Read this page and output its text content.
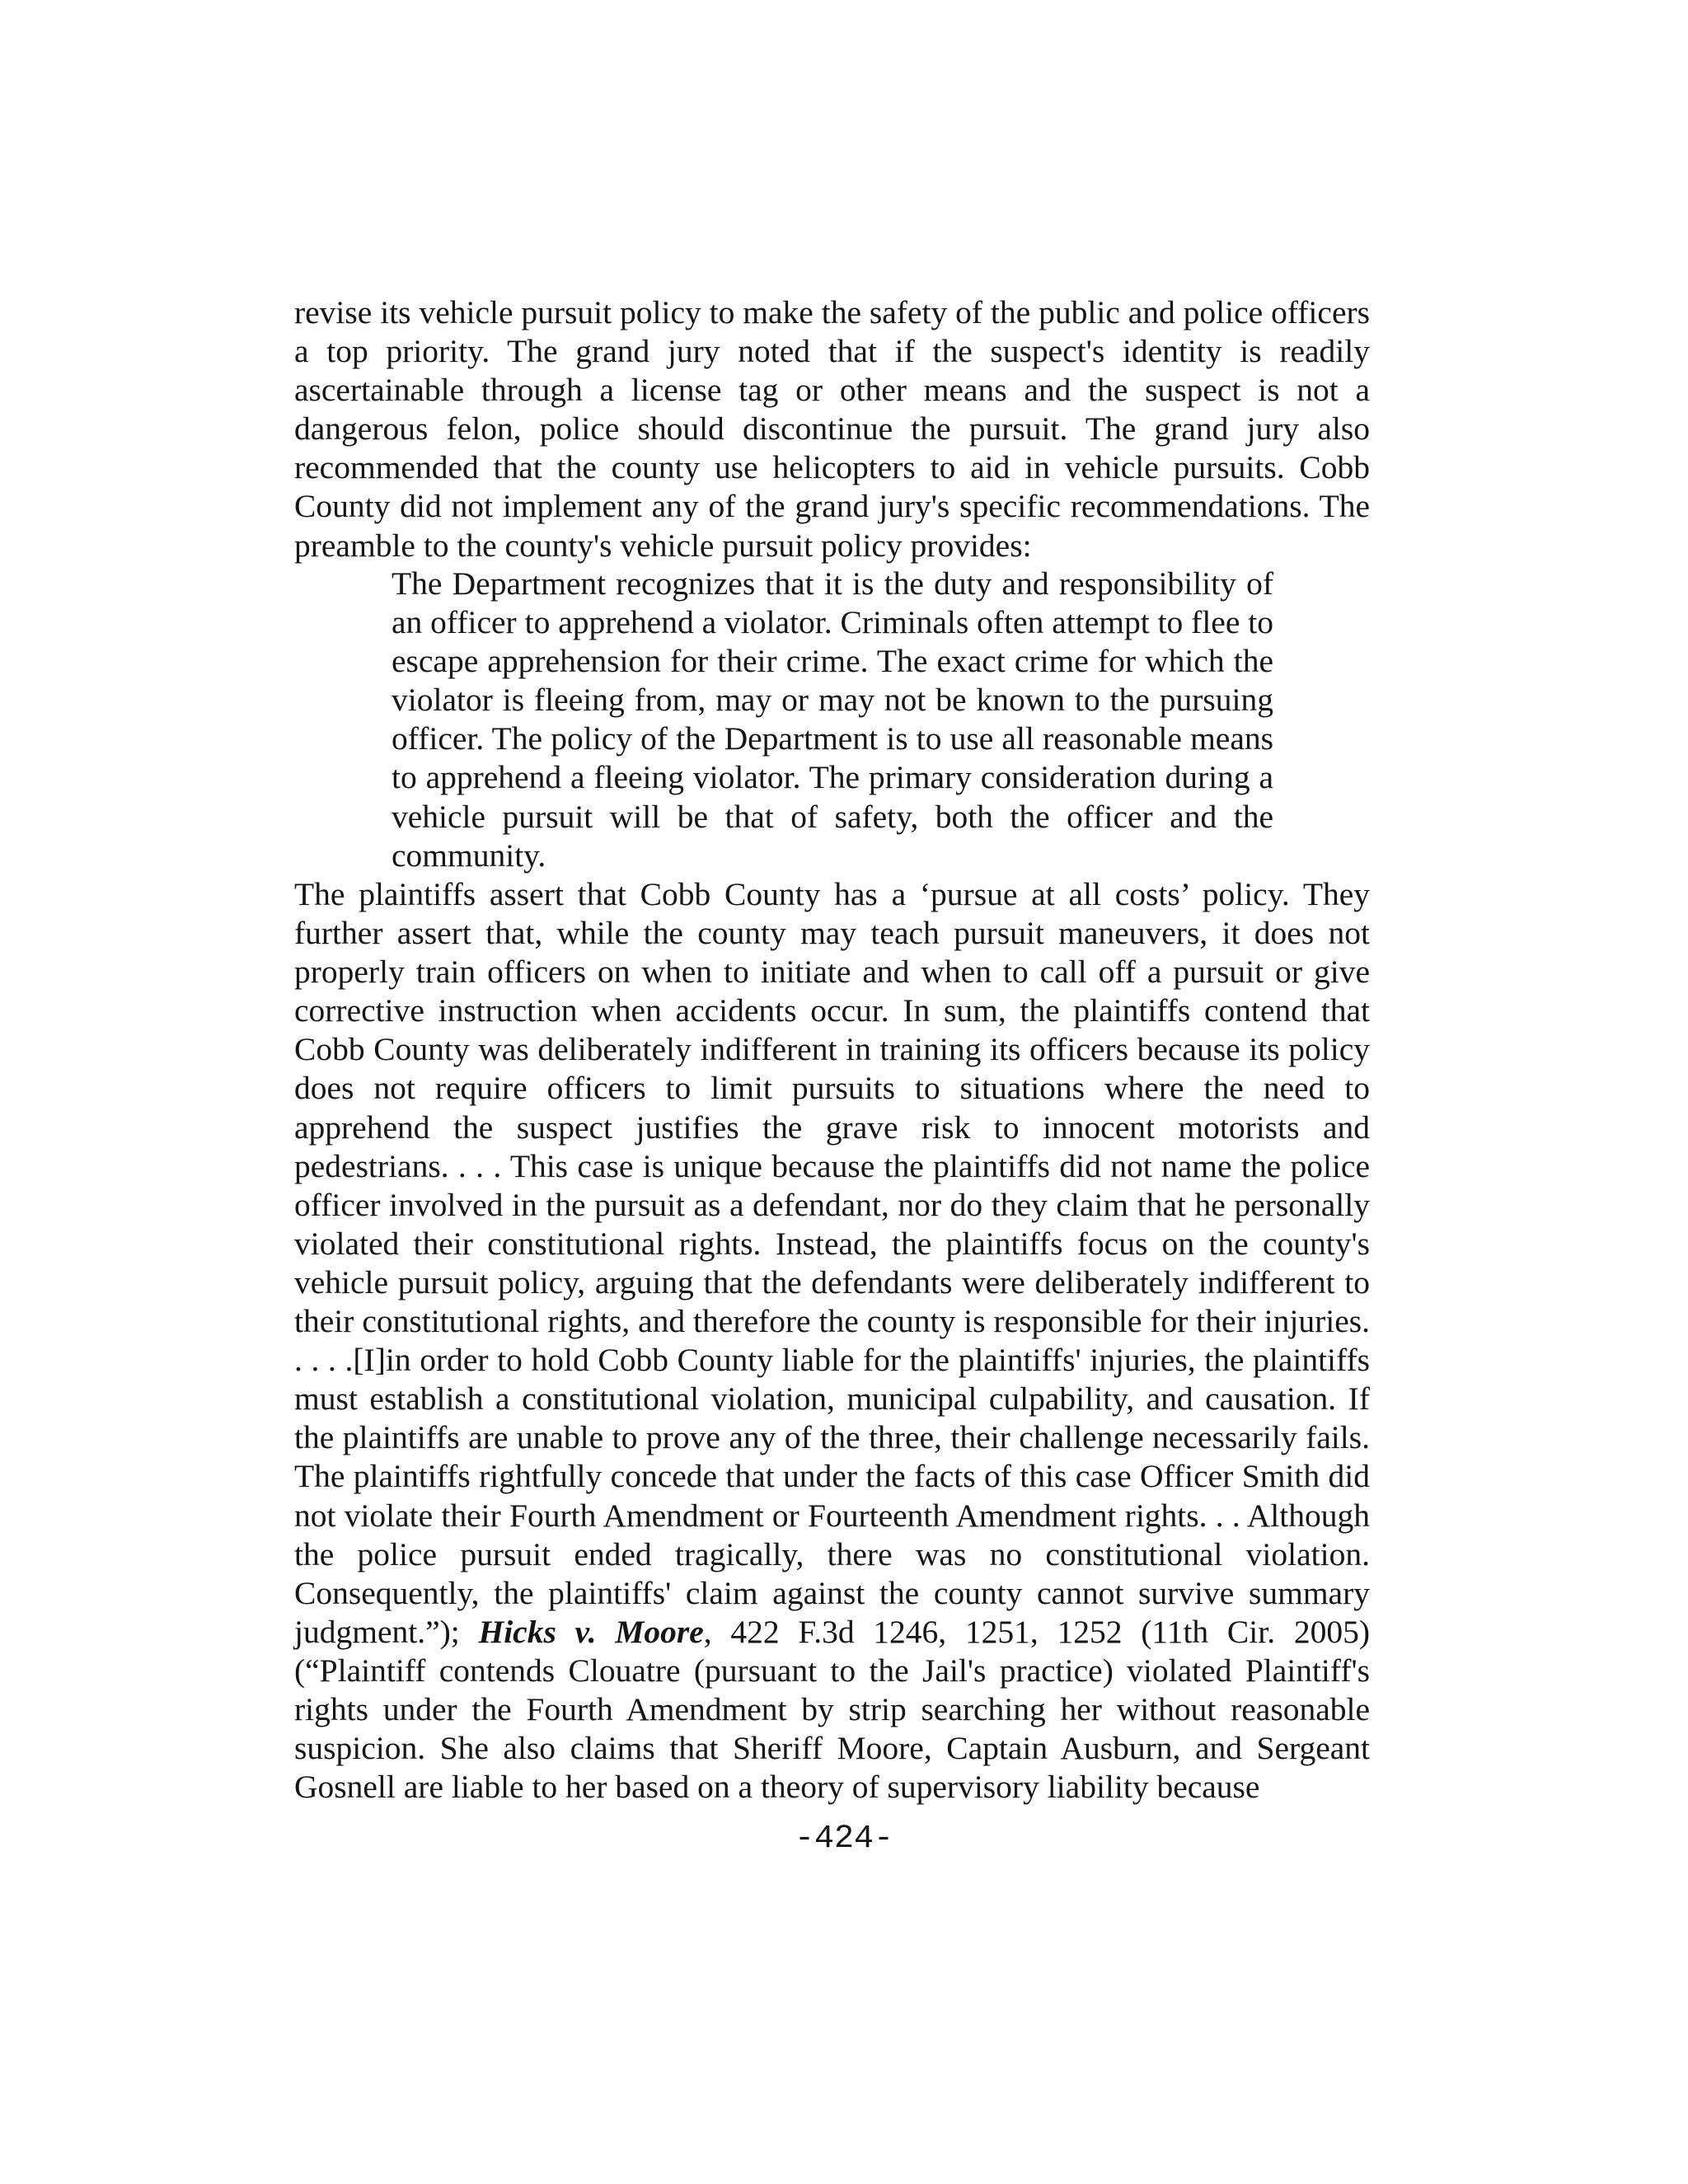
revise its vehicle pursuit policy to make the safety of the public and police officers a top priority. The grand jury noted that if the suspect's identity is readily ascertainable through a license tag or other means and the suspect is not a dangerous felon, police should discontinue the pursuit. The grand jury also recommended that the county use helicopters to aid in vehicle pursuits. Cobb County did not implement any of the grand jury's specific recommendations. The preamble to the county's vehicle pursuit policy provides:
The Department recognizes that it is the duty and responsibility of an officer to apprehend a violator. Criminals often attempt to flee to escape apprehension for their crime. The exact crime for which the violator is fleeing from, may or may not be known to the pursuing officer. The policy of the Department is to use all reasonable means to apprehend a fleeing violator. The primary consideration during a vehicle pursuit will be that of safety, both the officer and the community.
The plaintiffs assert that Cobb County has a ‘pursue at all costs’ policy. They further assert that, while the county may teach pursuit maneuvers, it does not properly train officers on when to initiate and when to call off a pursuit or give corrective instruction when accidents occur. In sum, the plaintiffs contend that Cobb County was deliberately indifferent in training its officers because its policy does not require officers to limit pursuits to situations where the need to apprehend the suspect justifies the grave risk to innocent motorists and pedestrians. . . . This case is unique because the plaintiffs did not name the police officer involved in the pursuit as a defendant, nor do they claim that he personally violated their constitutional rights. Instead, the plaintiffs focus on the county's vehicle pursuit policy, arguing that the defendants were deliberately indifferent to their constitutional rights, and therefore the county is responsible for their injuries. . . . .[I]in order to hold Cobb County liable for the plaintiffs' injuries, the plaintiffs must establish a constitutional violation, municipal culpability, and causation. If the plaintiffs are unable to prove any of the three, their challenge necessarily fails. The plaintiffs rightfully concede that under the facts of this case Officer Smith did not violate their Fourth Amendment or Fourteenth Amendment rights. . . Although the police pursuit ended tragically, there was no constitutional violation. Consequently, the plaintiffs' claim against the county cannot survive summary judgment.”); Hicks v. Moore, 422 F.3d 1246, 1251, 1252 (11th Cir. 2005) (“Plaintiff contends Clouatre (pursuant to the Jail's practice) violated Plaintiff's rights under the Fourth Amendment by strip searching her without reasonable suspicion. She also claims that Sheriff Moore, Captain Ausburn, and Sergeant Gosnell are liable to her based on a theory of supervisory liability because
-424-
